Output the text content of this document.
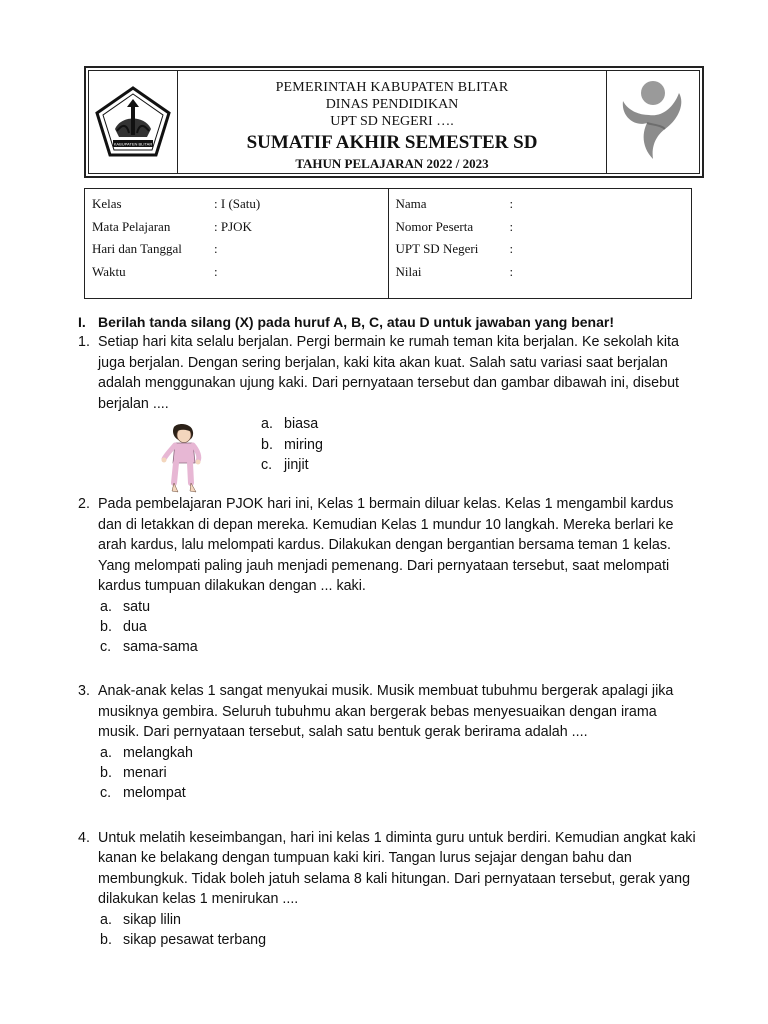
KABUPATEN BLITAR
PEMERINTAH KABUPATEN BLITAR
DINAS PENDIDIKAN
UPT SD NEGERI ….
SUMATIF AKHIR SEMESTER SD
TAHUN PELAJARAN 2022 / 2023
Kelas	: I (Satu)
Mata Pelajaran	: PJOK
Hari dan Tanggal	:
Waktu	:
Nama	:
Nomor Peserta	:
UPT SD Negeri	:
Nilai	:
I. Berilah tanda silang (X) pada huruf A, B, C, atau D untuk jawaban yang benar!
1. Setiap hari kita selalu berjalan. Pergi bermain ke rumah teman kita berjalan. Ke sekolah kita juga berjalan. Dengan sering berjalan, kaki kita akan kuat. Salah satu variasi saat berjalan adalah menggunakan ujung kaki. Dari pernyataan tersebut dan gambar dibawah ini, disebut berjalan ....
a. biasa
b. miring
c. jinjit
2. Pada pembelajaran PJOK hari ini, Kelas 1 bermain diluar kelas. Kelas 1 mengambil kardus dan di letakkan di depan mereka. Kemudian Kelas 1 mundur 10 langkah. Mereka berlari ke arah kardus, lalu melompati kardus. Dilakukan dengan bergantian bersama teman 1 kelas. Yang melompati paling jauh menjadi pemenang. Dari pernyataan tersebut, saat melompati kardus tumpuan dilakukan dengan ... kaki.
a. satu
b. dua
c. sama-sama
3. Anak-anak kelas 1 sangat menyukai musik. Musik membuat tubuhmu bergerak apalagi jika musiknya gembira. Seluruh tubuhmu akan bergerak bebas menyesuaikan dengan irama musik. Dari pernyataan tersebut, salah satu bentuk gerak berirama adalah ....
a. melangkah
b. menari
c. melompat
4. Untuk melatih keseimbangan, hari ini kelas 1 diminta guru untuk berdiri. Kemudian angkat kaki kanan ke belakang dengan tumpuan kaki kiri. Tangan lurus sejajar dengan bahu dan membungkuk. Tidak boleh jatuh selama 8 kali hitungan. Dari pernyataan tersebut, gerak yang dilakukan kelas 1 menirukan ....
a. sikap lilin
b. sikap pesawat terbang
